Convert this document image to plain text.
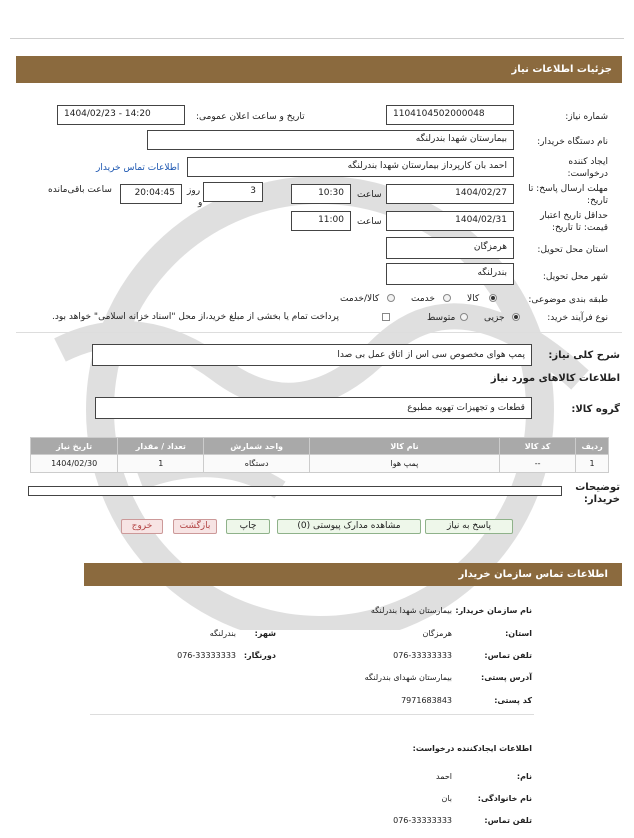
جزئیات اطلاعات نیاز
شماره نیاز:
1104104502000048
تاریخ و ساعت اعلان عمومی:
1404/02/23 - 14:20
نام دستگاه خریدار:
بیمارستان شهدا بندرلنگه
ایجاد کننده
درخواست:
احمد بان کارپرداز بیمارستان شهدا بندرلنگه
اطلاعات تماس خریدار
مهلت ارسال پاسخ: تا
تاریخ:
1404/02/27
ساعت
10:30
3
روز
و
20:04:45
ساعت باقی‌مانده
حداقل تاریخ اعتبار
قیمت: تا تاریخ:
1404/02/31
ساعت
11:00
استان محل تحویل:
هرمزگان
شهر محل تحویل:
بندرلنگه
طبقه بندی موضوعی:
کالا
خدمت
کالا/خدمت
نوع فرآیند خرید:
جزیی
متوسط
پرداخت تمام یا بخشی از مبلغ خرید،از محل "اسناد خزانه اسلامی" خواهد بود.
شرح کلی نیاز:
پمپ هوای مخصوص سی اس از اتاق عمل بی صدا
اطلاعات کالاهای مورد نیاز
گروه کالا:
قطعات و تجهیزات تهویه مطبوع
ردیف	کد کالا	نام کالا	واحد شمارش	تعداد / مقدار	تاریخ نیاز
1	--	پمپ هوا	دستگاه	1	1404/02/30
توضیحات
خریدار:
پاسخ به نیاز
مشاهده مدارک پیوستی (0)
چاپ
بازگشت
خروج
اطلاعات تماس سازمان خریدار
نام سازمان خریدار:
بیمارستان شهدا بندرلنگه
استان:
هرمزگان
شهر:
بندرلنگه
تلفن تماس:
076-33333333
دورنگار:
076-33333333
آدرس پستی:
بیمارستان شهدای بندرلنگه
کد پستی:
7971683843
اطلاعات ایجادکننده درخواست:
نام:
احمد
نام خانوادگی:
بان
تلفن تماس:
076-33333333
